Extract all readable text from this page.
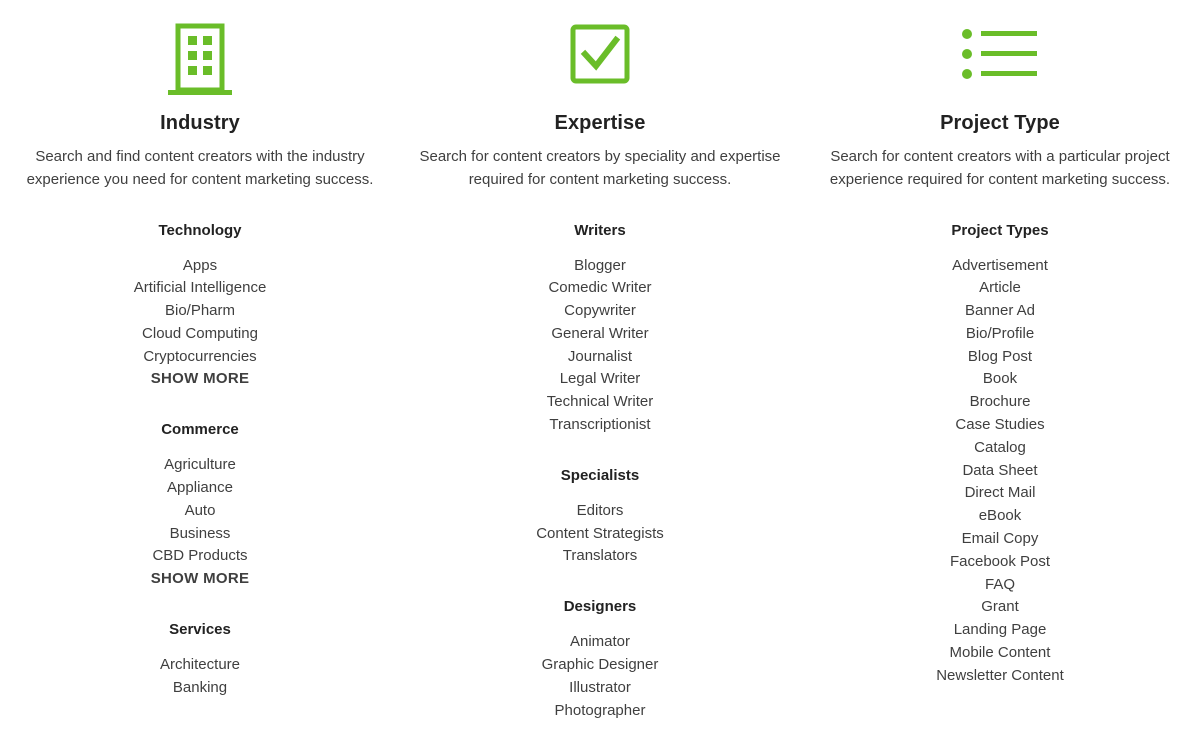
Industry
Search and find content creators with the industry experience you need for content marketing success.
Technology
Apps
Artificial Intelligence
Bio/Pharm
Cloud Computing
Cryptocurrencies
SHOW MORE
Commerce
Agriculture
Appliance
Auto
Business
CBD Products
SHOW MORE
Services
Architecture
Banking
Expertise
Search for content creators by speciality and expertise required for content marketing success.
Writers
Blogger
Comedic Writer
Copywriter
General Writer
Journalist
Legal Writer
Technical Writer
Transcriptionist
Specialists
Editors
Content Strategists
Translators
Designers
Animator
Graphic Designer
Illustrator
Photographer
Project Type
Search for content creators with a particular project experience required for content marketing success.
Project Types
Advertisement
Article
Banner Ad
Bio/Profile
Blog Post
Book
Brochure
Case Studies
Catalog
Data Sheet
Direct Mail
eBook
Email Copy
Facebook Post
FAQ
Grant
Landing Page
Mobile Content
Newsletter Content
